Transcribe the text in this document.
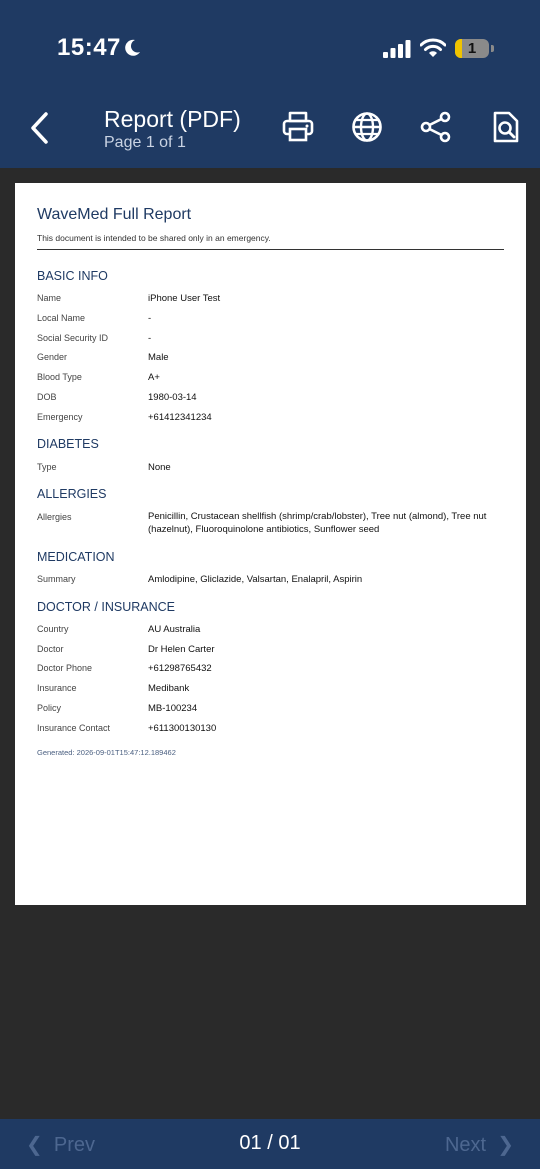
15:47	1
Report (PDF)
Page 1 of 1
WaveMed Full Report
This document is intended to be shared only in an emergency.
BASIC INFO
Name	iPhone User Test
Local Name	-
Social Security ID	-
Gender	Male
Blood Type	A+
DOB	1980-03-14
Emergency	+61412341234
DIABETES
Type	None
ALLERGIES
Allergies	Penicillin, Crustacean shellfish (shrimp/crab/lobster), Tree nut (almond), Tree nut (hazelnut), Fluoroquinolone antibiotics, Sunflower seed
MEDICATION
Summary	Amlodipine, Gliclazide, Valsartan, Enalapril, Aspirin
DOCTOR / INSURANCE
Country	AU Australia
Doctor	Dr Helen Carter
Doctor Phone	+61298765432
Insurance	Medibank
Policy	MB-100234
Insurance Contact	+611300130130
Generated: 2026-09-01T15:47:12.189462
❮ Prev	01 / 01	Next ❯
